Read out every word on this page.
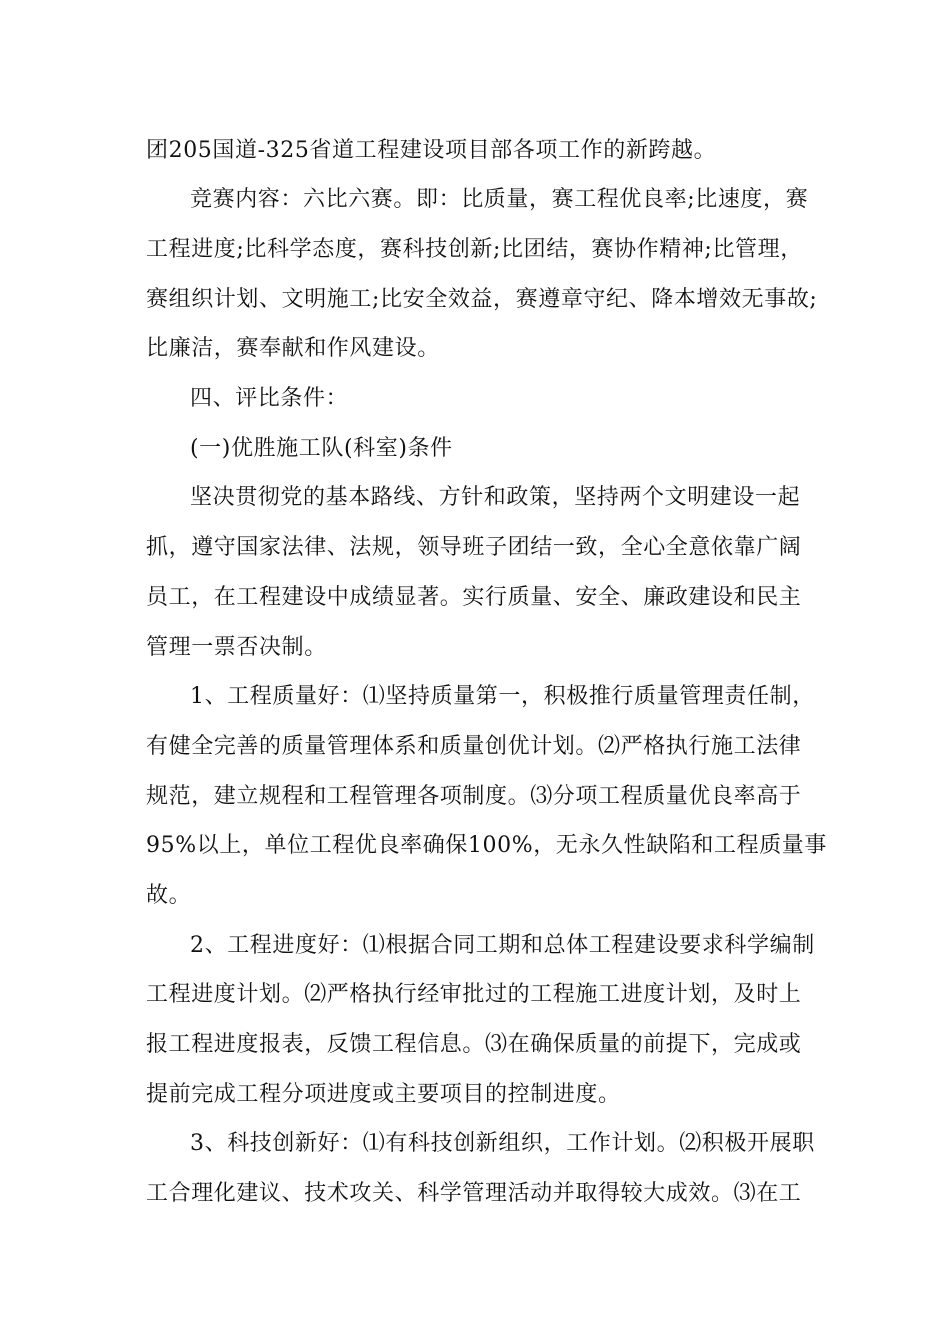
团205国道-325省道工程建设项目部各项工作的新跨越。
竞赛内容：六比六赛。即：比质量，赛工程优良率;比速度，赛
工程进度;比科学态度，赛科技创新;比团结，赛协作精神;比管理，
赛组织计划、文明施工;比安全效益，赛遵章守纪、降本增效无事故;
比廉洁，赛奉献和作风建设。
四、评比条件：
(一)优胜施工队(科室)条件
坚决贯彻党的基本路线、方针和政策，坚持两个文明建设一起
抓，遵守国家法律、法规，领导班子团结一致，全心全意依靠广阔
员工，在工程建设中成绩显著。实行质量、安全、廉政建设和民主
管理一票否决制。
1、工程质量好：⑴坚持质量第一，积极推行质量管理责任制，
有健全完善的质量管理体系和质量创优计划。⑵严格执行施工法律
规范，建立规程和工程管理各项制度。⑶分项工程质量优良率高于
95%以上，单位工程优良率确保100%，无永久性缺陷和工程质量事
故。
2、工程进度好：⑴根据合同工期和总体工程建设要求科学编制
工程进度计划。⑵严格执行经审批过的工程施工进度计划，及时上
报工程进度报表，反馈工程信息。⑶在确保质量的前提下，完成或
提前完成工程分项进度或主要项目的控制进度。
3、科技创新好：⑴有科技创新组织，工作计划。⑵积极开展职
工合理化建议、技术攻关、科学管理活动并取得较大成效。⑶在工
